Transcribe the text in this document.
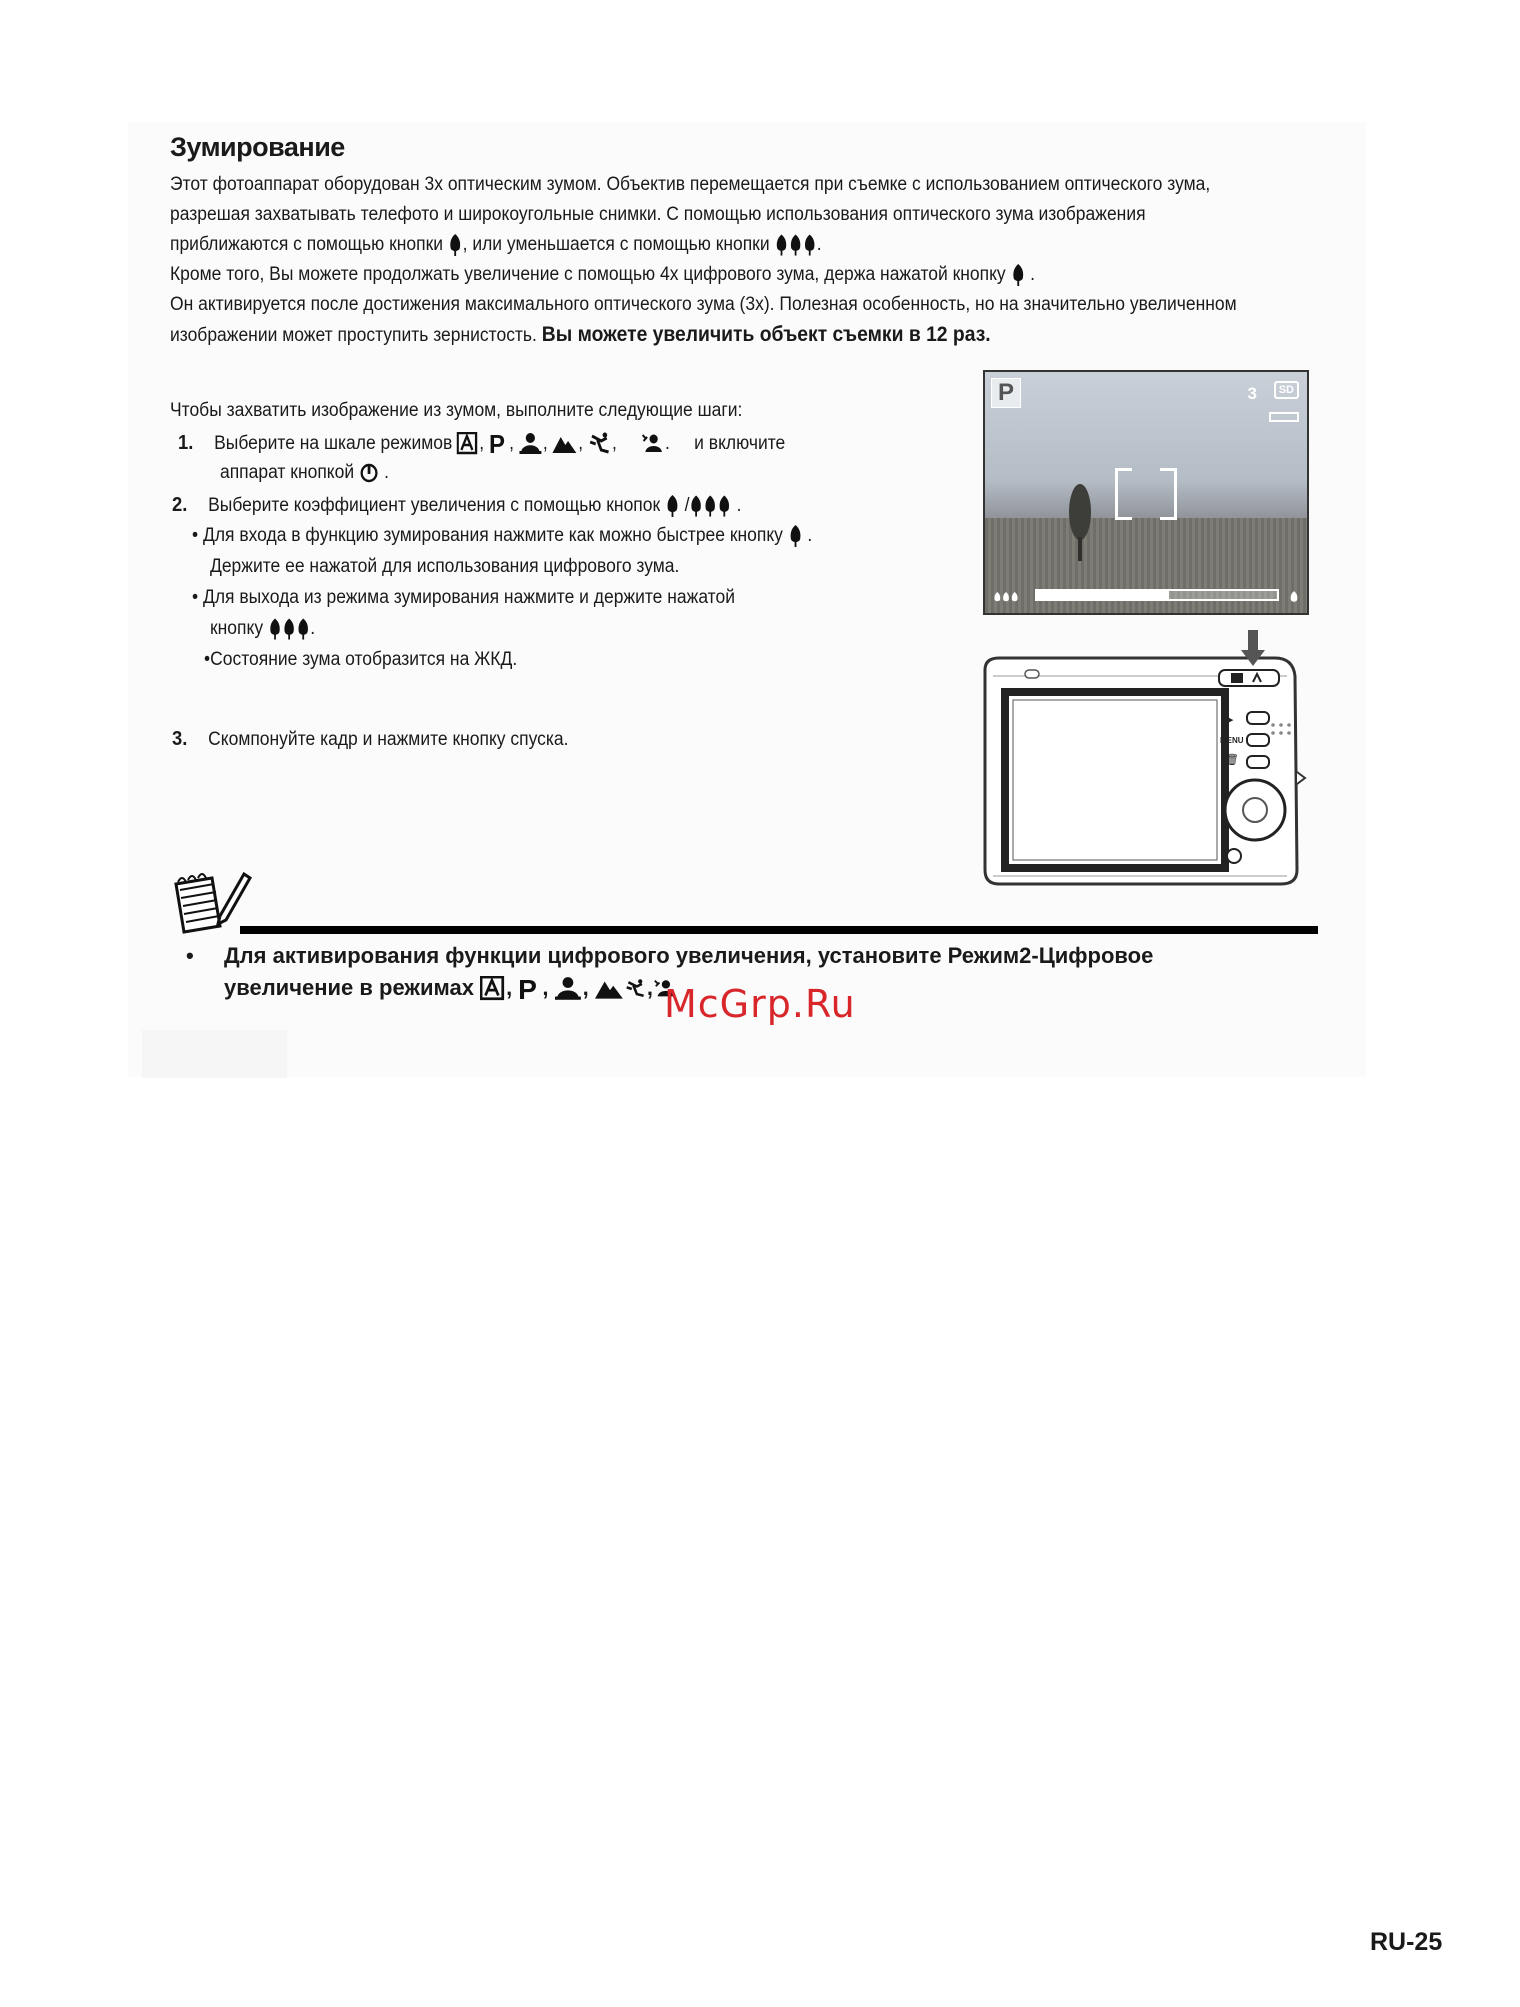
Зумирование

Этот фотоаппарат оборудован 3x оптическим зумом. Объектив перемещается при съемке с использованием оптического зума,
разрешая захватывать телефото и широкоугольные снимки. С помощью использования оптического зума изображения
приближаются с помощью кнопки , или уменьшается с помощью кнопки .
Кроме того, Вы можете продолжать увеличение с помощью 4x цифрового зума, держа нажатой кнопку .
Он активируется после достижения максимального оптического зума (3x). Полезная особенность, но на значительно увеличенном
изображении может проступить зернистость. Вы можете увеличить объект съемки в 12 раз.

Чтобы захватить изображение из зумом, выполните следующие шаги:
1. Выберите на шкале режимов , , , , ,     .     и включите
аппарат кнопкой .
2. Выберите коэффициент увеличения с помощью кнопок / .
• Для входа в функцию зумирования нажмите как можно быстрее кнопку .
Держите ее нажатой для использования цифрового зума.
• Для выхода из режима зумирования нажмите и держите нажатой
кнопку .
•Состояние зума отобразится на ЖКД.
3. Скомпонуйте кадр и нажмите кнопку спуска.
P	3	SD
▶
MENU
🗑
• Для активирования функции цифрового увеличения, установите Режим2-Цифровое
увеличение в режимах , , , , McGrp.Ru
RU-25
